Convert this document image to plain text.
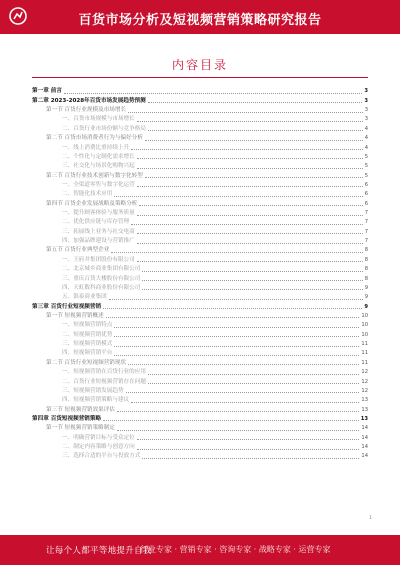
百货市场分析及短视频营销策略研究报告
内容目录
第一章 前言	3
第二章 2023-2028年百货市场发展趋势预测	3
第一节 百货行业规模及市场增长	3
一、百货市场规模与市场增长	3
二、百货行业市场份额与竞争格局	4
第二节 百货市场消费者行为与偏好分析	4
一、线上消费比重持续上升	4
二、个性化与定制化需求增长	5
三、社交化与场景化购物兴起	5
第三节 百货行业技术创新与数字化转型	5
一、全渠道零售与数字化运营	6
二、智能化技术应用	6
第四节 百货企业发展战略及策略分析	6
一、提升顾客体验与服务质量	7
二、优化供应链与库存管理	7
三、拓展线上业务与社交电商	7
四、加强品牌建设与营销推广	7
第五节 百货行业典型企业	8
一、王府井集团股份有限公司	8
二、北京城乡商业集团有限公司	8
三、重庆百货大楼股份有限公司	8
四、天虹数科商业股份有限公司	9
五、银泰商业集团	9
第三章 百货行业短视频营销	9
第一节 短视频营销概述	10
一、短视频营销特点	10
二、短视频营销优势	10
三、短视频营销模式	11
四、短视频营销平台	11
第二节 百货行业短视频营销现状	11
一、短视频营销在百货行业的应用	12
二、百货行业短视频营销存在问题	12
三、短视频营销发展趋势	12
四、短视频营销策略与建议	13
第三节 短视频营销效果评估	13
第四章 百货短视频营销策略	13
第一节 短视频营销策略制定	14
一、明确营销目标与受众定位	14
二、制定内容策略与创意方向	14
三、选择合适的平台与投放方式	14
1
让每个人都平等地提升自我
行业专家 · 营销专家 · 咨询专家 · 战略专家 · 运营专家
